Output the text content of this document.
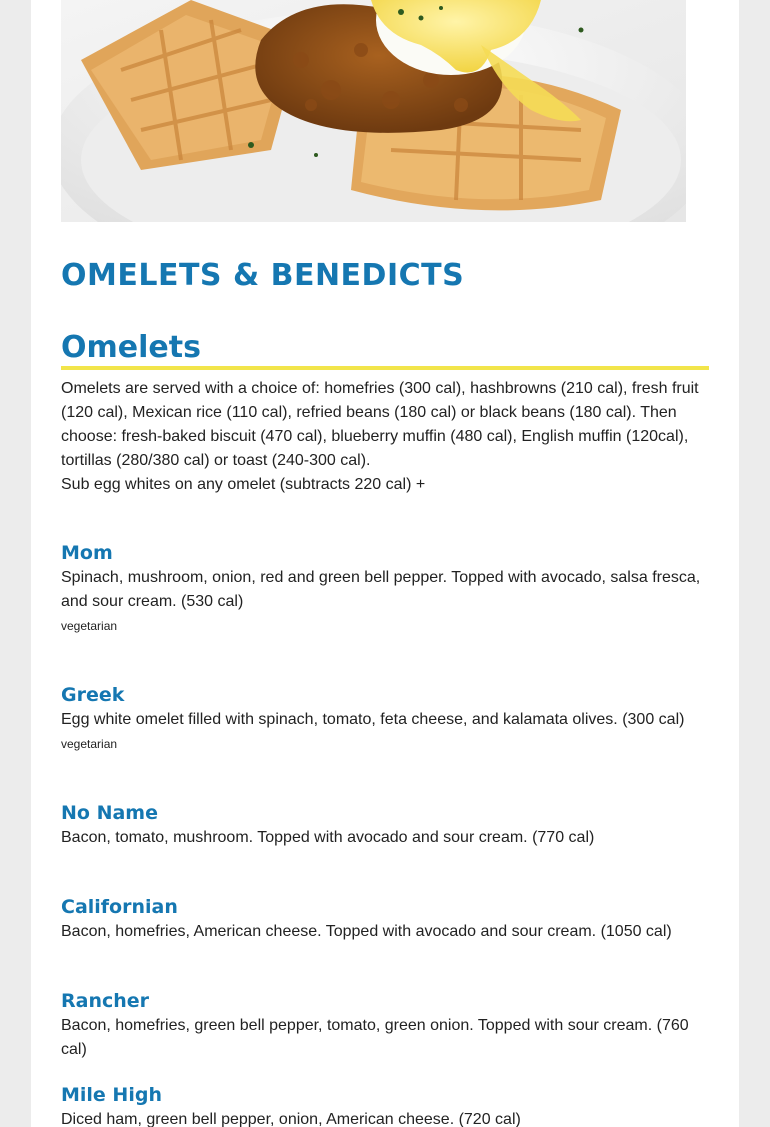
OMELETS & BENEDICTS
Omelets

Omelets are served with a choice of: homefries (300 cal), hashbrowns (210 cal), fresh fruit (120 cal), Mexican rice (110 cal), refried beans (180 cal) or black beans (180 cal). Then choose: fresh-baked biscuit (470 cal), blueberry muffin (480 cal), English muffin (120cal), tortillas (280/380 cal) or toast (240-300 cal).

Sub egg whites on any omelet (subtracts 220 cal) +

Mom

Spinach, mushroom, onion, red and green bell pepper. Topped with avocado, salsa fresca, and sour cream. (530 cal)

vegetarian

Greek

Egg white omelet filled with spinach, tomato, feta cheese, and kalamata olives. (300 cal)

vegetarian

No Name

Bacon, tomato, mushroom. Topped with avocado and sour cream. (770 cal)

Californian

Bacon, homefries, American cheese. Topped with avocado and sour cream. (1050 cal)

Rancher

Bacon, homefries, green bell pepper, tomato, green onion. Topped with sour cream. (760 cal)

Mile High

Diced ham, green bell pepper, onion, American cheese. (720 cal)
